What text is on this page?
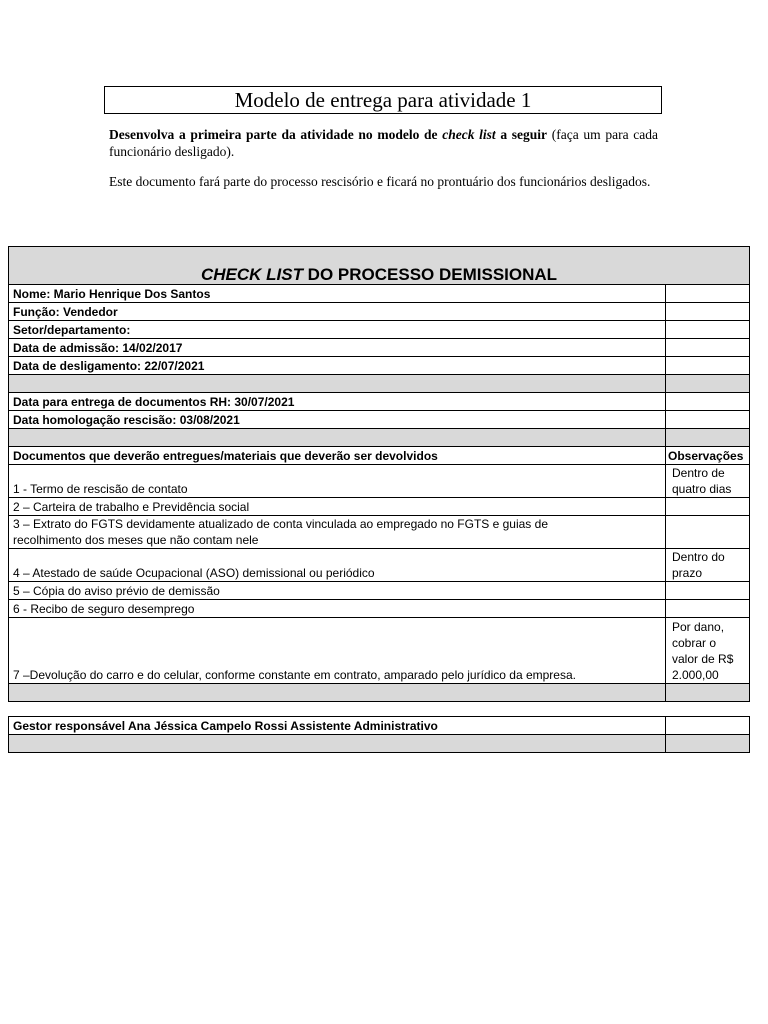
Modelo de entrega para atividade 1
Desenvolva a primeira parte da atividade no modelo de check list a seguir (faça um para cada funcionário desligado).
Este documento fará parte do processo rescisório e ficará no prontuário dos funcionários desligados.
CHECK LIST DO PROCESSO DEMISSIONAL	
Nome: Mario Henrique Dos Santos	
Função: Vendedor	
Setor/departamento:	
Data de admissão: 14/02/2017	
Data de desligamento: 22/07/2021	

Data para entrega de documentos RH: 30/07/2021	
Data homologação rescisão: 03/08/2021	

Documentos que deverão entregues/materiais que deverão ser devolvidos	Observações
1 - Termo de rescisão de contato	Dentro de
quatro dias

2 – Carteira de trabalho e Previdência social	

3 – Extrato do FGTS devidamente atualizado de conta vinculada ao empregado no FGTS e guias de
recolhimento dos meses que não contam nele	

4 – Atestado de saúde Ocupacional (ASO) demissional ou periódico	Dentro do
prazo

5 – Cópia do aviso prévio de demissão	

6 - Recibo de seguro desemprego	

7 –Devolução do carro e do celular, conforme constante em contrato, amparado pelo jurídico da empresa.	Por dano,
cobrar o
valor de R$
2.000,00

Gestor responsável Ana Jéssica Campelo Rossi Assistente Administrativo	
